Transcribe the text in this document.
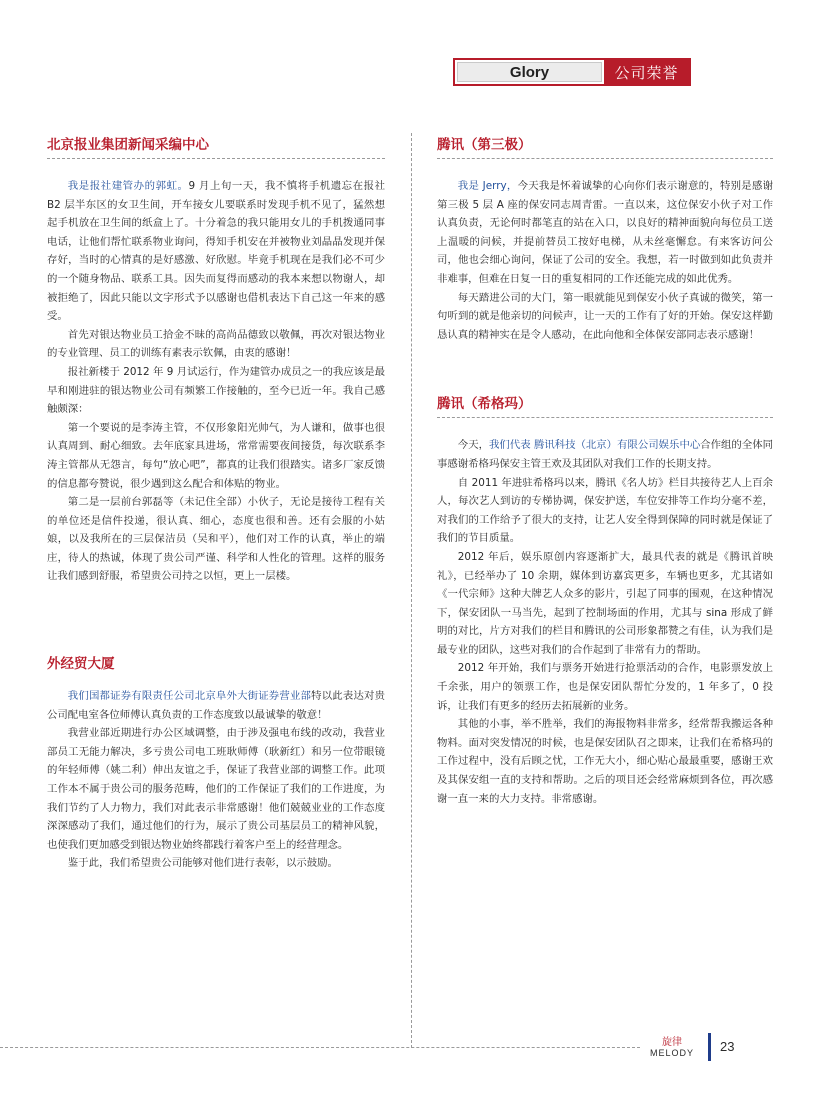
Glory	公司荣誉
北京报业集团新闻采编中心

我是报社建管办的郭虹。9 月上旬一天，我不慎将手机遗忘在报社 B2 层半东区的女卫生间，开车接女儿要联系时发现手机不见了，猛然想起手机放在卫生间的纸盒上了。十分着急的我只能用女儿的手机拨通同事电话，让他们帮忙联系物业询问，得知手机安在并被物业刘晶晶发现并保存好，当时的心情真的是好感激、好欣慰。毕竟手机现在是我们必不可少的一个随身物品、联系工具。因失而复得而感动的我本来想以物谢人，却被拒绝了，因此只能以文字形式予以感谢也借机表达下自己这一年来的感受。

首先对银达物业员工拾金不昧的高尚品德致以敬佩，再次对银达物业的专业管理、员工的训练有素表示钦佩，由衷的感谢！

报社新楼于 2012 年 9 月试运行，作为建管办成员之一的我应该是最早和刚进驻的银达物业公司有频繁工作接触的，至今已近一年。我自己感触颇深：

第一个要说的是李涛主管，不仅形象阳光帅气，为人谦和，做事也很认真周到、耐心细致。去年底家具进场，常常需要夜间接货，每次联系李涛主管都从无怨言，每句“放心吧”，都真的让我们很踏实。诸多厂家反馈的信息都夸赞说，很少遇到这么配合和体贴的物业。

第二是一层前台郭磊等（未记住全部）小伙子，无论是接待工程有关的单位还是信件投递，很认真、细心，态度也很和善。还有会服的小姑娘，以及我所在的三层保洁员（吴和平），他们对工作的认真，举止的端庄，待人的热诚，体现了贵公司严谨、科学和人性化的管理。这样的服务让我们感到舒服，希望贵公司持之以恒，更上一层楼。

外经贸大厦

我们国都证券有限责任公司北京阜外大街证券营业部特以此表达对贵公司配电室各位师傅认真负责的工作态度致以最诚挚的敬意！

我营业部近期进行办公区域调整，由于涉及强电布线的改动，我营业部员工无能力解决，多亏贵公司电工班耿师傅（耿新红）和另一位带眼镜的年轻师傅（姚二利）伸出友谊之手，保证了我营业部的调整工作。此项工作本不属于贵公司的服务范畴，他们的工作保证了我们的工作进度，为我们节约了人力物力，我们对此表示非常感谢！他们兢兢业业的工作态度深深感动了我们，通过他们的行为，展示了贵公司基层员工的精神风貌，也使我们更加感受到银达物业始终都践行着客户至上的经营理念。

鉴于此，我们希望贵公司能够对他们进行表彰，以示鼓励。

腾讯（第三极）

我是 Jerry，今天我是怀着诚挚的心向你们表示谢意的，特别是感谢第三极 5 层 A 座的保安同志周青雷。一直以来，这位保安小伙子对工作认真负责，无论何时都笔直的站在入口，以良好的精神面貌向每位员工送上温暖的问候，并提前替员工按好电梯，从未丝毫懈怠。有来客访问公司，他也会细心询问，保证了公司的安全。我想，若一时做到如此负责并非难事，但难在日复一日的重复相同的工作还能完成的如此优秀。

每天踏进公司的大门，第一眼就能见到保安小伙子真诚的微笑，第一句听到的就是他亲切的问候声，让一天的工作有了好的开始。保安这样勤恳认真的精神实在是令人感动，在此向他和全体保安部同志表示感谢！

腾讯（希格玛）

今天，我们代表 腾讯科技（北京）有限公司娱乐中心合作组的全体同事感谢希格玛保安主管王欢及其团队对我们工作的长期支持。

自 2011 年进驻希格玛以来，腾讯《名人坊》栏目共接待艺人上百余人，每次艺人到访的专梯协调，保安护送，车位安排等工作均分毫不差，对我们的工作给予了很大的支持，让艺人安全得到保障的同时就是保证了我们的节目质量。

2012 年后，娱乐原创内容逐渐扩大，最具代表的就是《腾讯首映礼》，已经举办了 10 余期，媒体到访嘉宾更多，车辆也更多，尤其诸如《一代宗师》这种大牌艺人众多的影片，引起了同事的围观，在这种情况下，保安团队一马当先，起到了控制场面的作用，尤其与 sina 形成了鲜明的对比，片方对我们的栏目和腾讯的公司形象都赞之有佳，认为我们是最专业的团队，这些对我们的合作起到了非常有力的帮助。

2012 年开始，我们与票务开始进行抢票活动的合作，电影票发放上千余张，用户的领票工作，也是保安团队帮忙分发的，1 年多了，0 投诉，让我们有更多的经历去拓展新的业务。

其他的小事，举不胜举，我们的海报物料非常多，经常帮我搬运各种物料。面对突发情况的时候，也是保安团队召之即来，让我们在希格玛的工作过程中，没有后顾之忧，工作无大小，细心贴心最最重要，感谢王欢及其保安组一直的支持和帮助。之后的项目还会经常麻烦到各位，再次感谢一直一来的大力支持。非常感谢。

旋律
MELODY 23
